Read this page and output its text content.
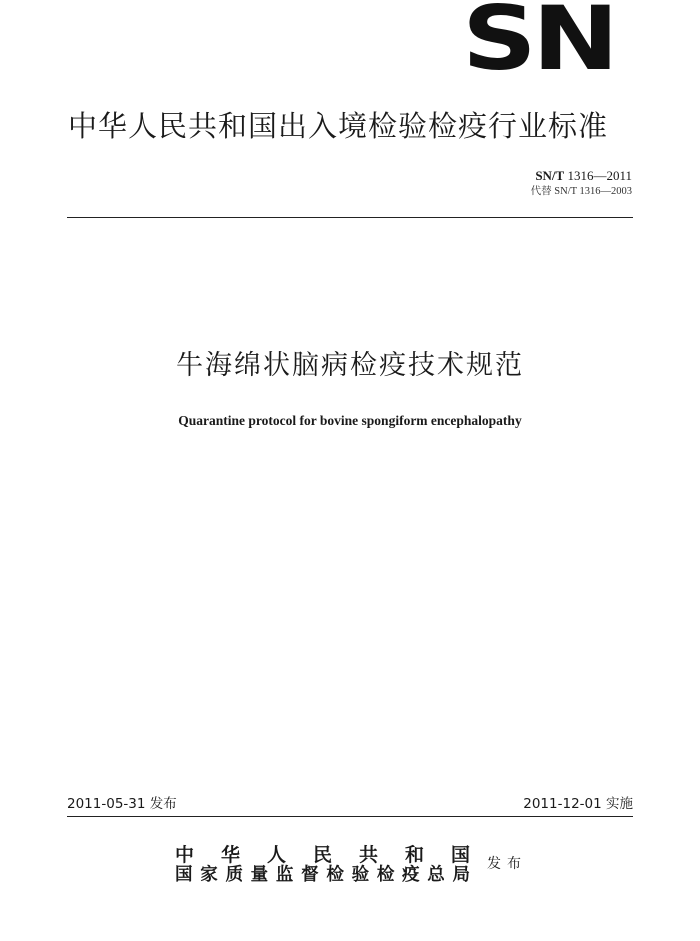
SN
中华人民共和国出入境检验检疫行业标准
SN/T 1316—2011
代替 SN/T 1316—2003
牛海绵状脑病检疫技术规范
Quarantine protocol for bovine spongiform encephalopathy
2011-05-31 发布	2011-12-01 实施
中 华 人 民 共 和 国
国家质量监督检验检疫总局
发布
